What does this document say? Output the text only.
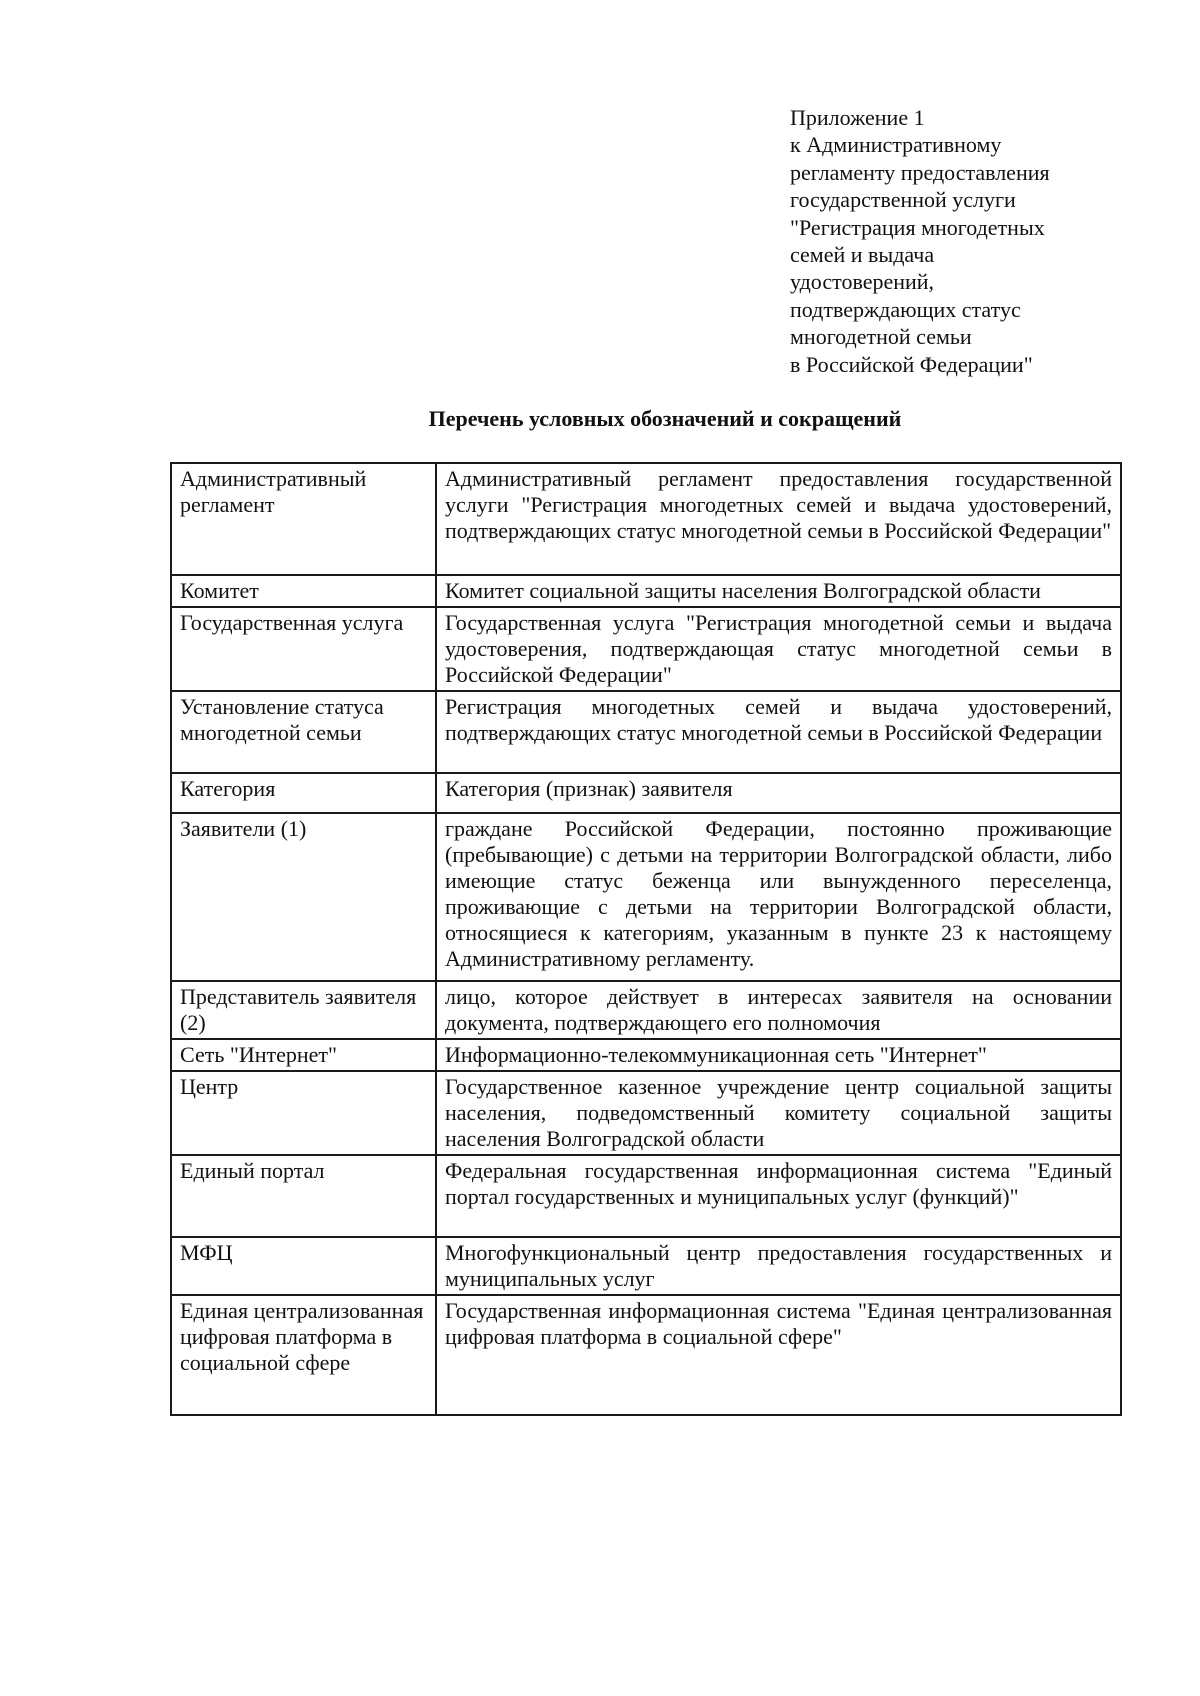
Приложение 1
к Административному
регламенту предоставления
государственной услуги
"Регистрация многодетных
семей и выдача
удостоверений,
подтверждающих статус
многодетной семьи
в Российской Федерации"
Перечень условных обозначений и сокращений
Административный регламент	Административный регламент предоставления государственной услуги "Регистрация многодетных семей и выдача удостоверений, подтверждающих статус многодетной семьи в Российской Федерации"
Комитет	Комитет социальной защиты населения Волгоградской области
Государственная услуга	Государственная услуга "Регистрация многодетной семьи и выдача удостоверения, подтверждающая статус многодетной семьи в Российской Федерации"
Установление статуса многодетной семьи	Регистрация многодетных семей и выдача удостоверений, подтверждающих статус многодетной семьи в Российской Федерации
Категория	Категория (признак) заявителя
Заявители (1)	граждане Российской Федерации, постоянно проживающие (пребывающие) с детьми на территории Волгоградской области, либо имеющие статус беженца или вынужденного переселенца, проживающие с детьми на территории Волгоградской области, относящиеся к категориям, указанным в пункте 23 к настоящему Административному регламенту.
Представитель заявителя (2)	лицо, которое действует в интересах заявителя на основании документа, подтверждающего его полномочия
Сеть "Интернет"	Информационно-телекоммуникационная сеть "Интернет"
Центр	Государственное казенное учреждение центр социальной защиты населения, подведомственный комитету социальной защиты населения Волгоградской области
Единый портал	Федеральная государственная информационная система "Единый портал государственных и муниципальных услуг (функций)"
МФЦ	Многофункциональный центр предоставления государственных и муниципальных услуг
Единая централизованная цифровая платформа в социальной сфере	Государственная информационная система "Единая централизованная цифровая платформа в социальной сфере"
